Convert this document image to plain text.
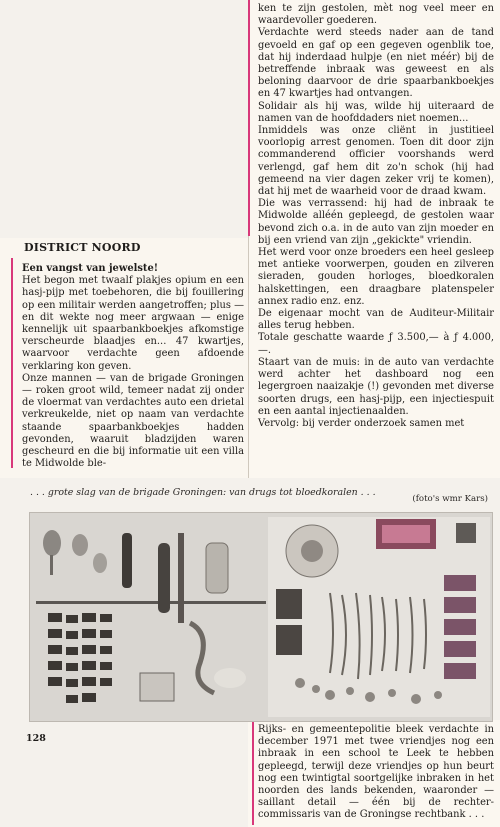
DISTRICT NOORD

Een vangst van jewelste!

Het begon met twaalf plakjes opium en een hasj-pijp met toebehoren, die bij fouillering op een militair werden aangetroffen; plus — en dit wekte nog meer argwaan — enige kennelijk uit spaarbankboekjes afkomstige verscheurde blaadjes en... 47 kwartjes, waarvoor verdachte geen afdoende verklaring kon geven.

Onze mannen — van de brigade Groningen — roken groot wild, temeer nadat zij onder de vloermat van verdachtes auto een drietal verkreukelde, niet op naam van verdachte staande spaarbankboekjes hadden gevonden, waaruit bladzijden waren gescheurd en die bij informatie uit een villa te Midwolde ble-

ken te zijn gestolen, mèt nog veel meer en waardevoller goederen.

Verdachte werd steeds nader aan de tand gevoeld en gaf op een gegeven ogenblik toe, dat hij inderdaad hulpje (en niet méér) bij de betreffende inbraak was geweest en als beloning daarvoor de drie spaarbankboekjes en 47 kwartjes had ontvangen.

Solidair als hij was, wilde hij uiteraard de namen van de hoofddaders niet noemen...

Inmiddels was onze cliënt in justitieel voorlopig arrest genomen. Toen dit door zijn commanderend officier voorshands werd verlengd, gaf hem dit zo'n schok (hij had gemeend na vier dagen zeker vrij te komen), dat hij met de waarheid voor de draad kwam.

Die was verrassend: hij had de inbraak te Midwolde alléén gepleegd, de gestolen waar bevond zich o.a. in de auto van zijn moeder en bij een vriend van zijn „gekickte" vriendin.

Het werd voor onze broeders een heel gesleep met antieke voorwerpen, gouden en zilveren sieraden, gouden horloges, bloedkoralen halskettingen, een draagbare platenspeler annex radio enz. enz.

De eigenaar mocht van de Auditeur-Militair alles terug hebben.

Totale geschatte waarde ƒ 3.500,— à ƒ 4.000,—.

Staart van de muis: in de auto van verdachte werd achter het dashboard nog een legergroen naaizakje (!) gevonden met diverse soorten drugs, een hasj-pijp, een injectiespuit en een aantal injectienaalden.

Vervolg: bij verder onderzoek samen met

. . . grote slag van de brigade Groningen: van drugs tot bloedkoralen . . .
(foto's wmr Kars)
128

Rijks- en gemeentepolitie bleek verdachte in december 1971 met twee vriendjes nog een inbraak in een school te Leek te hebben gepleegd, terwijl deze vriendjes op hun beurt nog een twintigtal soortgelijke inbraken in het noorden des lands bekenden, waaronder — saillant detail — één bij de rechter-commissaris van de Groningse rechtbank . . .
